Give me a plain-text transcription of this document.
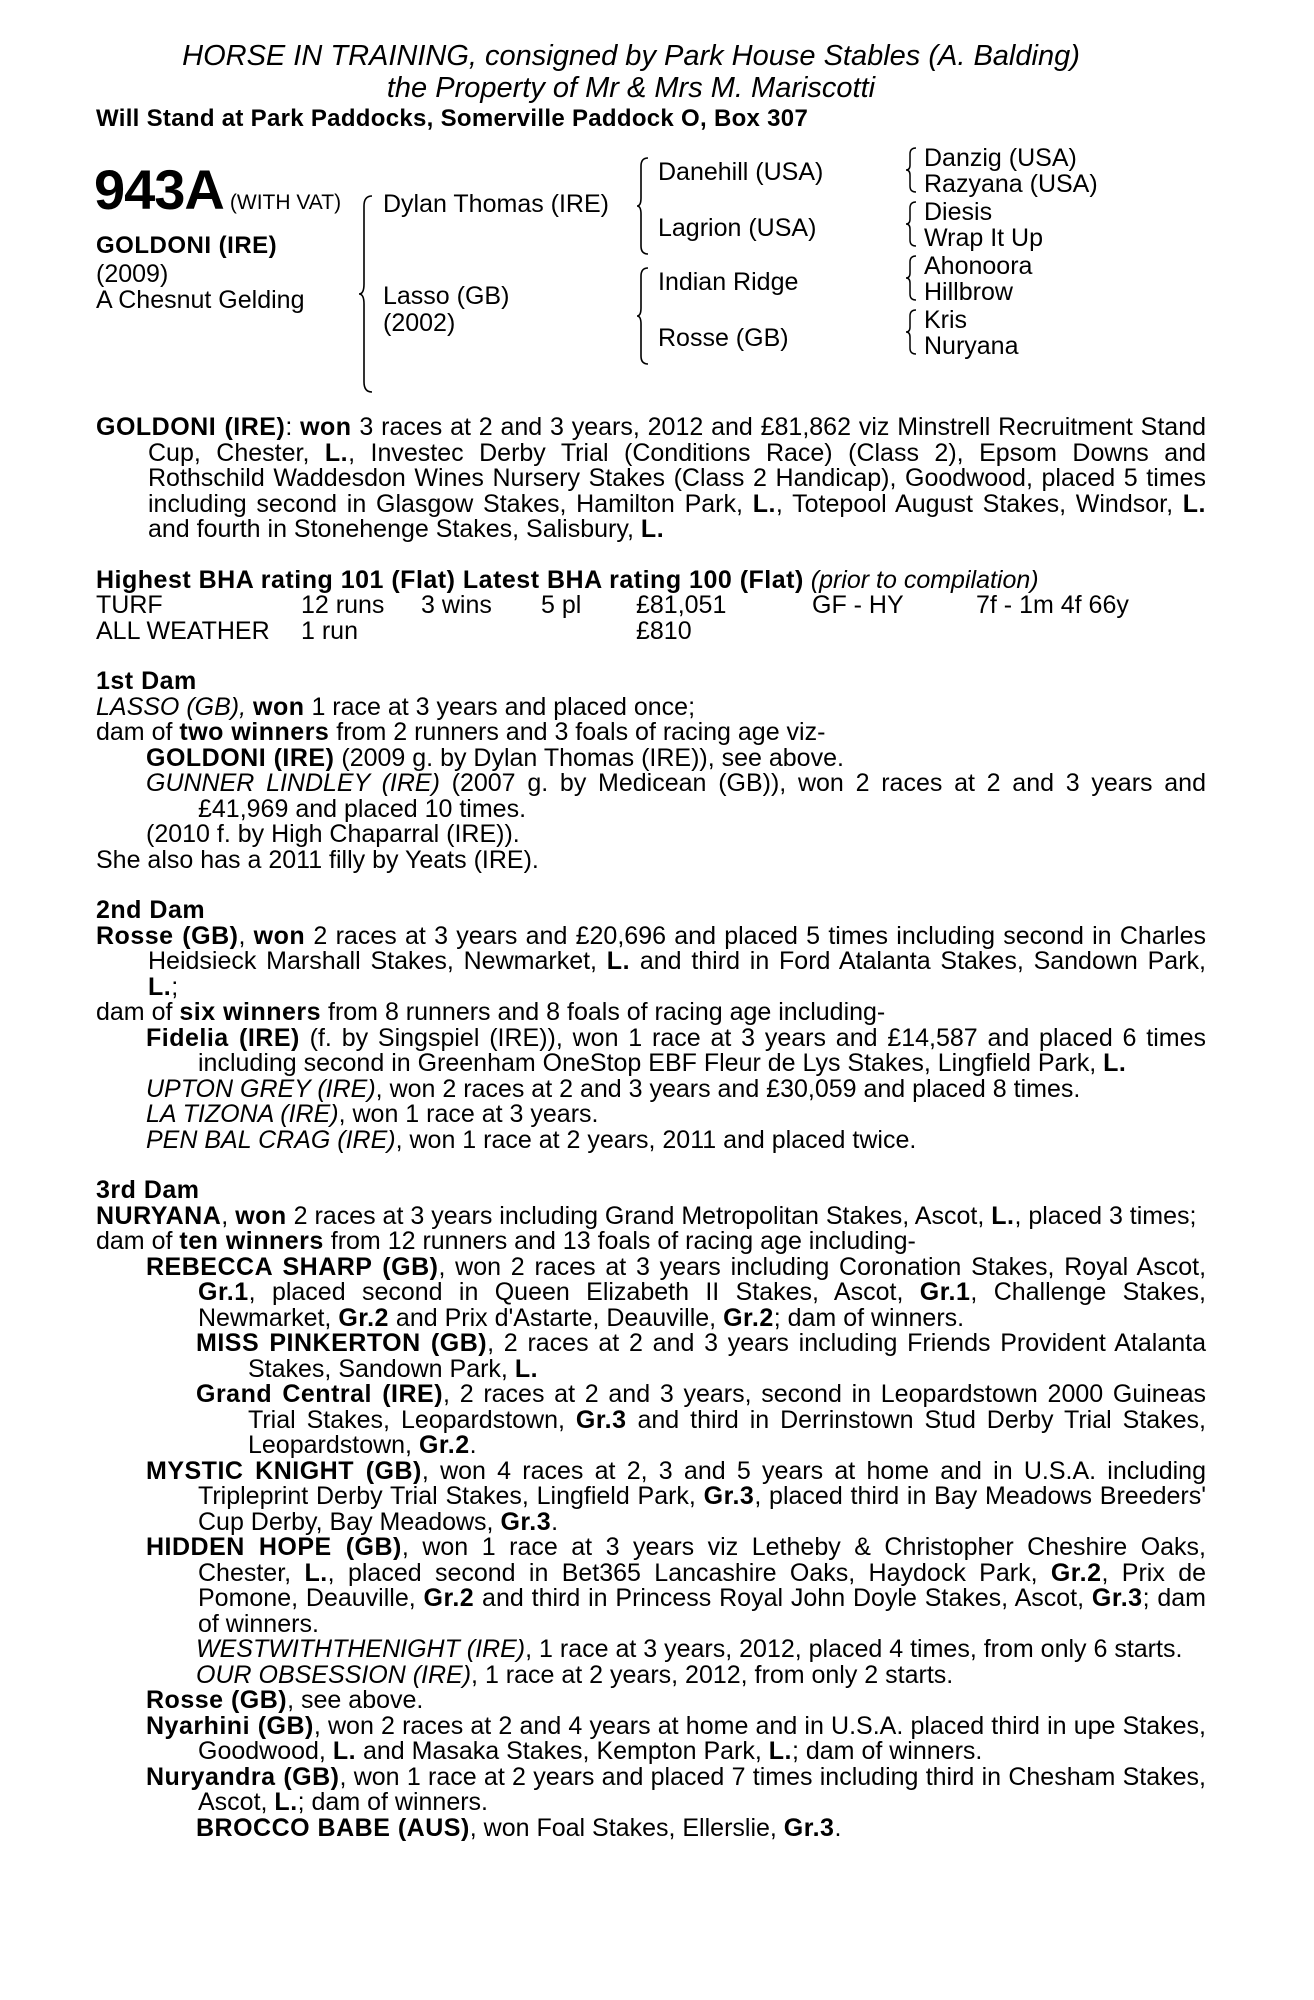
HORSE IN TRAINING, consigned by Park House Stables (A. Balding)
the Property of Mr & Mrs M. Mariscotti
Will Stand at Park Paddocks, Somerville Paddock O, Box 307
943A (WITH VAT)
GOLDONI (IRE)
(2009)
A Chesnut Gelding
Dylan Thomas (IRE)
Lasso (GB)
(2002)
Danehill (USA)
Lagrion (USA)
Indian Ridge
Rosse (GB)
Danzig (USA)
Razyana (USA)
Diesis
Wrap It Up
Ahonoora
Hillbrow
Kris
Nuryana
GOLDONI (IRE): won 3 races at 2 and 3 years, 2012 and £81,862 viz Minstrell Recruitment Stand Cup, Chester, L., Investec Derby Trial (Conditions Race) (Class 2), Epsom Downs and Rothschild Waddesdon Wines Nursery Stakes (Class 2 Handicap), Goodwood, placed 5 times including second in Glasgow Stakes, Hamilton Park, L., Totepool August Stakes, Windsor, L. and fourth in Stonehenge Stakes, Salisbury, L.
Highest BHA rating 101 (Flat) Latest BHA rating 100 (Flat) (prior to compilation)
TURF	12 runs 3 wins 5 pl £81,051	GF - HY	7f - 1m 4f 66y
ALL WEATHER 1 run	£810
1st Dam
LASSO (GB), won 1 race at 3 years and placed once;
dam of two winners from 2 runners and 3 foals of racing age viz-
GOLDONI (IRE) (2009 g. by Dylan Thomas (IRE)), see above.
GUNNER LINDLEY (IRE) (2007 g. by Medicean (GB)), won 2 races at 2 and 3 years and £41,969 and placed 10 times.
(2010 f. by High Chaparral (IRE)).
She also has a 2011 filly by Yeats (IRE).
2nd Dam
Rosse (GB), won 2 races at 3 years and £20,696 and placed 5 times including second in Charles Heidsieck Marshall Stakes, Newmarket, L. and third in Ford Atalanta Stakes, Sandown Park, L.;
dam of six winners from 8 runners and 8 foals of racing age including-
Fidelia (IRE) (f. by Singspiel (IRE)), won 1 race at 3 years and £14,587 and placed 6 times including second in Greenham OneStop EBF Fleur de Lys Stakes, Lingfield Park, L.
UPTON GREY (IRE), won 2 races at 2 and 3 years and £30,059 and placed 8 times.
LA TIZONA (IRE), won 1 race at 3 years.
PEN BAL CRAG (IRE), won 1 race at 2 years, 2011 and placed twice.
3rd Dam
NURYANA, won 2 races at 3 years including Grand Metropolitan Stakes, Ascot, L., placed 3 times;
dam of ten winners from 12 runners and 13 foals of racing age including-
REBECCA SHARP (GB), won 2 races at 3 years including Coronation Stakes, Royal Ascot, Gr.1, placed second in Queen Elizabeth II Stakes, Ascot, Gr.1, Challenge Stakes, Newmarket, Gr.2 and Prix d'Astarte, Deauville, Gr.2; dam of winners.
MISS PINKERTON (GB), 2 races at 2 and 3 years including Friends Provident Atalanta Stakes, Sandown Park, L.
Grand Central (IRE), 2 races at 2 and 3 years, second in Leopardstown 2000 Guineas Trial Stakes, Leopardstown, Gr.3 and third in Derrinstown Stud Derby Trial Stakes, Leopardstown, Gr.2.
MYSTIC KNIGHT (GB), won 4 races at 2, 3 and 5 years at home and in U.S.A. including Tripleprint Derby Trial Stakes, Lingfield Park, Gr.3, placed third in Bay Meadows Breeders' Cup Derby, Bay Meadows, Gr.3.
HIDDEN HOPE (GB), won 1 race at 3 years viz Letheby & Christopher Cheshire Oaks, Chester, L., placed second in Bet365 Lancashire Oaks, Haydock Park, Gr.2, Prix de Pomone, Deauville, Gr.2 and third in Princess Royal John Doyle Stakes, Ascot, Gr.3; dam of winners.
WESTWITHTHENIGHT (IRE), 1 race at 3 years, 2012, placed 4 times, from only 6 starts.
OUR OBSESSION (IRE), 1 race at 2 years, 2012, from only 2 starts.
Rosse (GB), see above.
Nyarhini (GB), won 2 races at 2 and 4 years at home and in U.S.A. placed third in upe Stakes, Goodwood, L. and Masaka Stakes, Kempton Park, L.; dam of winners.
Nuryandra (GB), won 1 race at 2 years and placed 7 times including third in Chesham Stakes, Ascot, L.; dam of winners.
BROCCO BABE (AUS), won Foal Stakes, Ellerslie, Gr.3.
